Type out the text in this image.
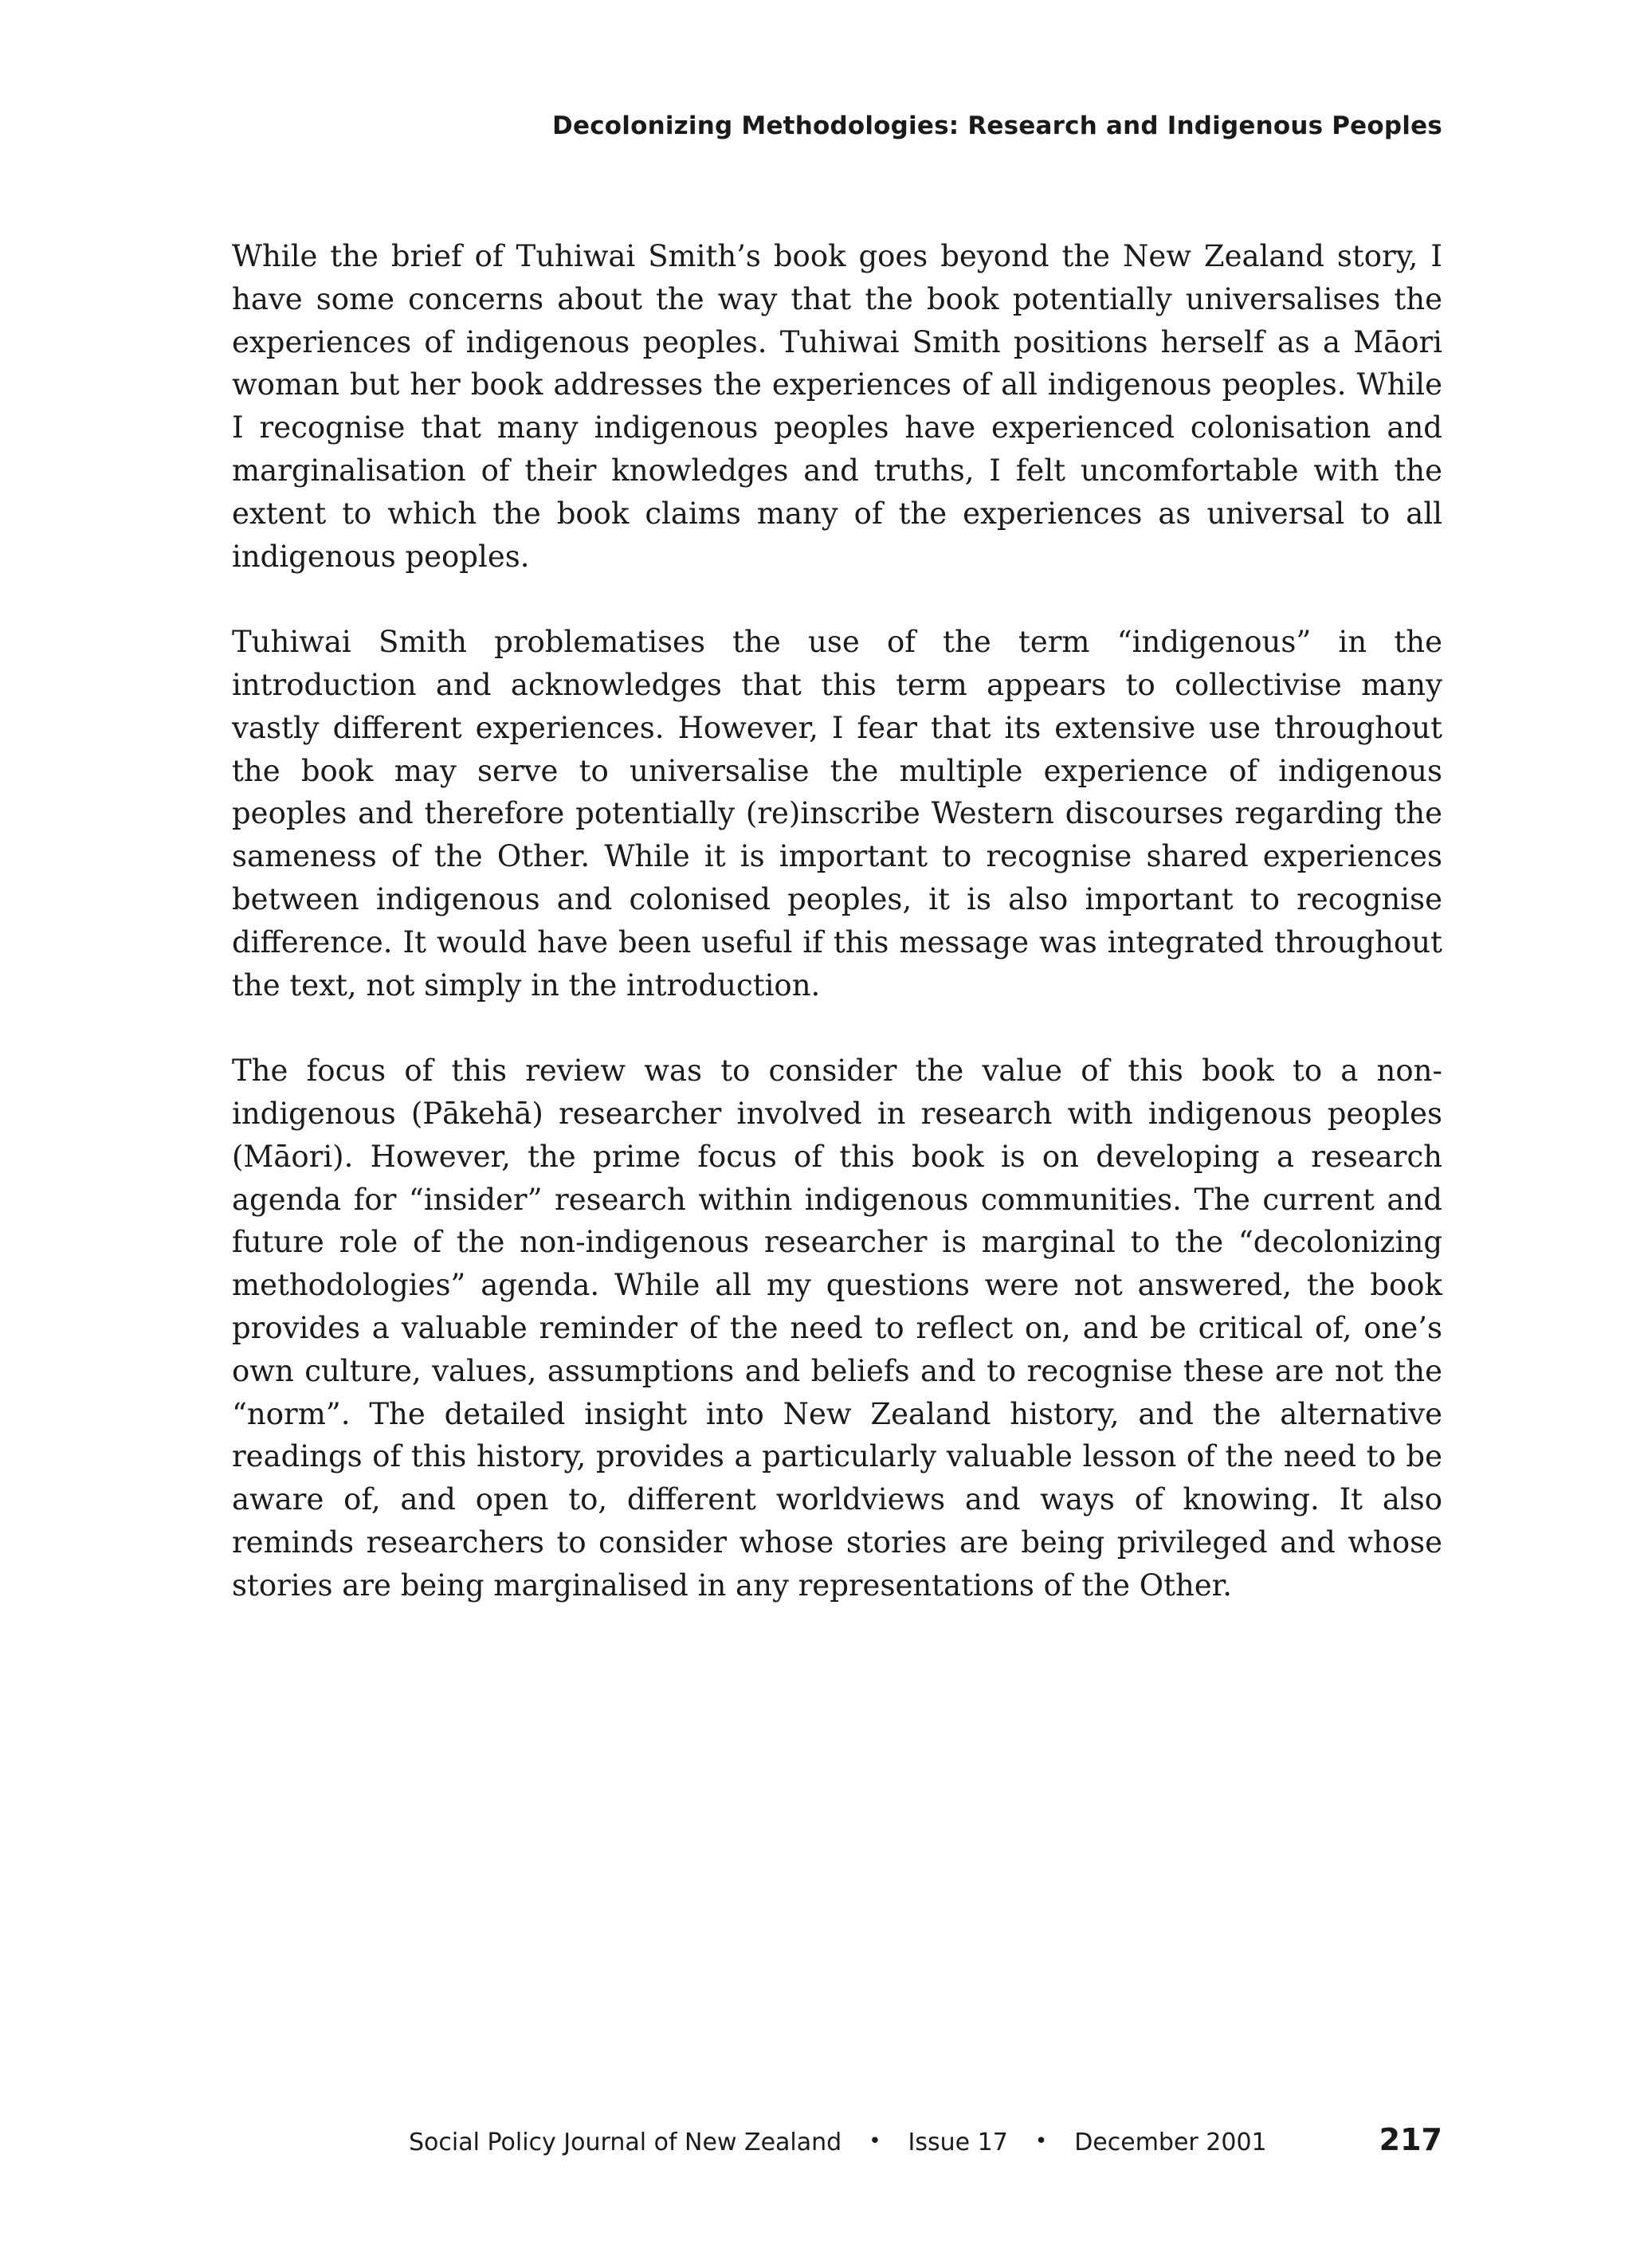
Decolonizing Methodologies: Research and Indigenous Peoples

While the brief of Tuhiwai Smith’s book goes beyond the New Zealand story, I have some concerns about the way that the book potentially universalises the experiences of indigenous peoples. Tuhiwai Smith positions herself as a Māori woman but her book addresses the experiences of all indigenous peoples. While I recognise that many indigenous peoples have experienced colonisation and marginalisation of their knowledges and truths, I felt uncomfortable with the extent to which the book claims many of the experiences as universal to all indigenous peoples.

Tuhiwai Smith problematises the use of the term “indigenous” in the introduction and acknowledges that this term appears to collectivise many vastly different experiences. However, I fear that its extensive use throughout the book may serve to universalise the multiple experience of indigenous peoples and therefore potentially (re)inscribe Western discourses regarding the sameness of the Other. While it is important to recognise shared experiences between indigenous and colonised peoples, it is also important to recognise difference. It would have been useful if this message was integrated throughout the text, not simply in the introduction.

The focus of this review was to consider the value of this book to a non-indigenous (Pākehā) researcher involved in research with indigenous peoples (Māori). However, the prime focus of this book is on developing a research agenda for “insider” research within indigenous communities. The current and future role of the non-indigenous researcher is marginal to the “decolonizing methodologies” agenda. While all my questions were not answered, the book provides a valuable reminder of the need to reflect on, and be critical of, one’s own culture, values, assumptions and beliefs and to recognise these are not the “norm”. The detailed insight into New Zealand history, and the alternative readings of this history, provides a particularly valuable lesson of the need to be aware of, and open to, different worldviews and ways of knowing. It also reminds researchers to consider whose stories are being privileged and whose stories are being marginalised in any representations of the Other.

Social Policy Journal of New Zealand • Issue 17 • December 2001	217
